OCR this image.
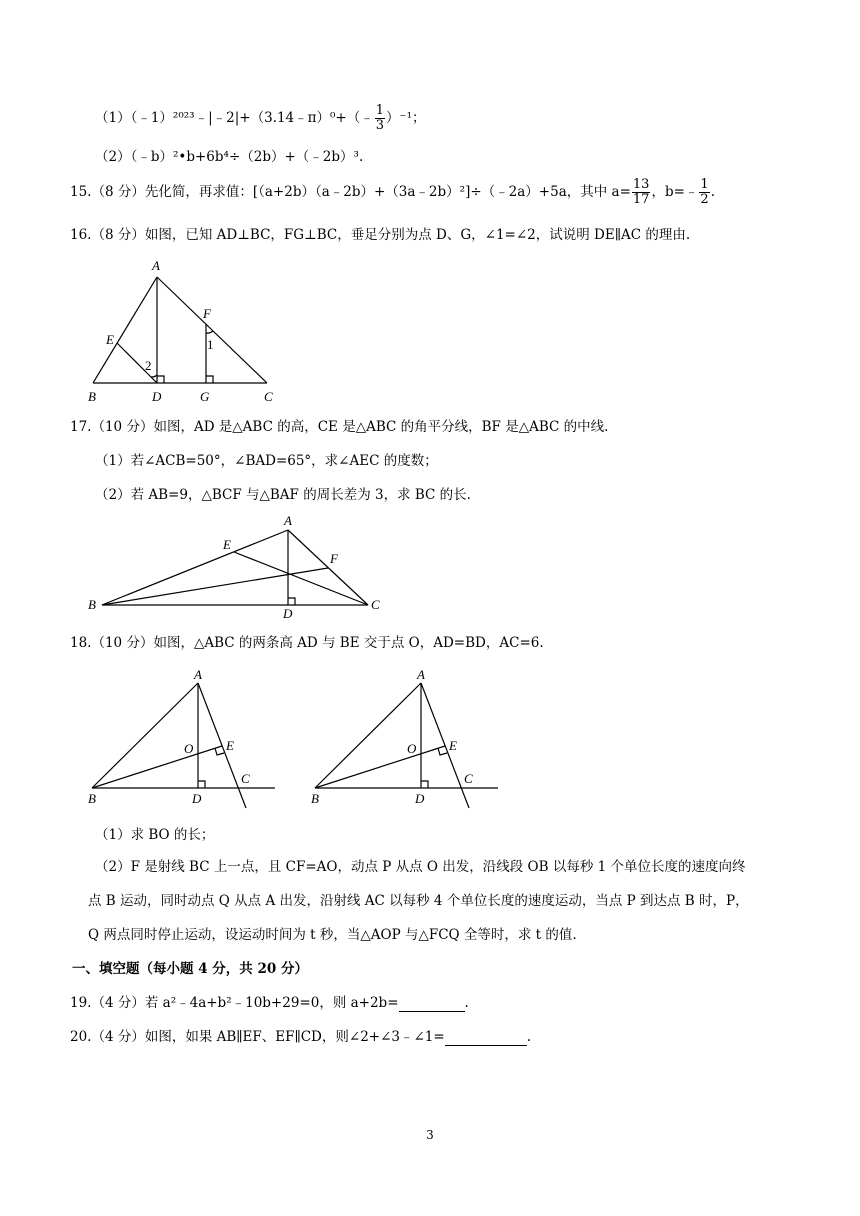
（1）（﹣1）²⁰²³﹣|﹣2|+（3.14﹣π）⁰+（﹣ $\frac{1}{3} )^{-1}$；
（2）（﹣b）²•b+6b⁴÷（2b）+（﹣2b）³.
15.（8 分）先化简，再求值：[（a+2b）（a﹣2b）+（3a﹣2b）²]÷（﹣2a）+5a，其中 $a= \frac{13}{17}$ ，b=﹣ $\frac{1}{2}$ .
16.（8 分）如图，已知 AD⊥BC，FG⊥BC，垂足分别为点 D、G，∠1=∠2，试说明 DE∥AC 的理由.
A
B	C
D
E
F
G
1
2
17.（10 分）如图，AD 是△ABC 的高，CE 是△ABC 的角平分线，BF 是△ABC 的中线.
（1）若∠ACB=50°，∠BAD=65°，求∠AEC 的度数；
（2）若 AB=9，△BCF 与△BAF 的周长差为 3，求 BC 的长.
A
B	C
D
E
F
18.（10 分）如图，△ABC 的两条高 AD 与 BE 交于点 O，AD=BD，AC=6.
A
B
C
D
E
O
A
B
C
D
E
O
（1）求 BO 的长；
（2）F 是射线 BC 上一点，且 CF=AO，动点 P 从点 O 出发，沿线段 OB 以每秒 1 个单位长度的速度向终
点 B 运动，同时动点 Q 从点 A 出发，沿射线 AC 以每秒 4 个单位长度的速度运动，当点 P 到达点 B 时，P，
Q 两点同时停止运动，设运动时间为 t 秒，当△AOP 与△FCQ 全等时，求 t 的值.
一、填空题（每小题 4 分，共 20 分）
19.（4 分）若 a²﹣4a+b²﹣10b+29=0，则 a+2b=	.
20.（4 分）如图，如果 AB∥EF、EF∥CD，则∠2+∠3﹣∠1=	.
3
